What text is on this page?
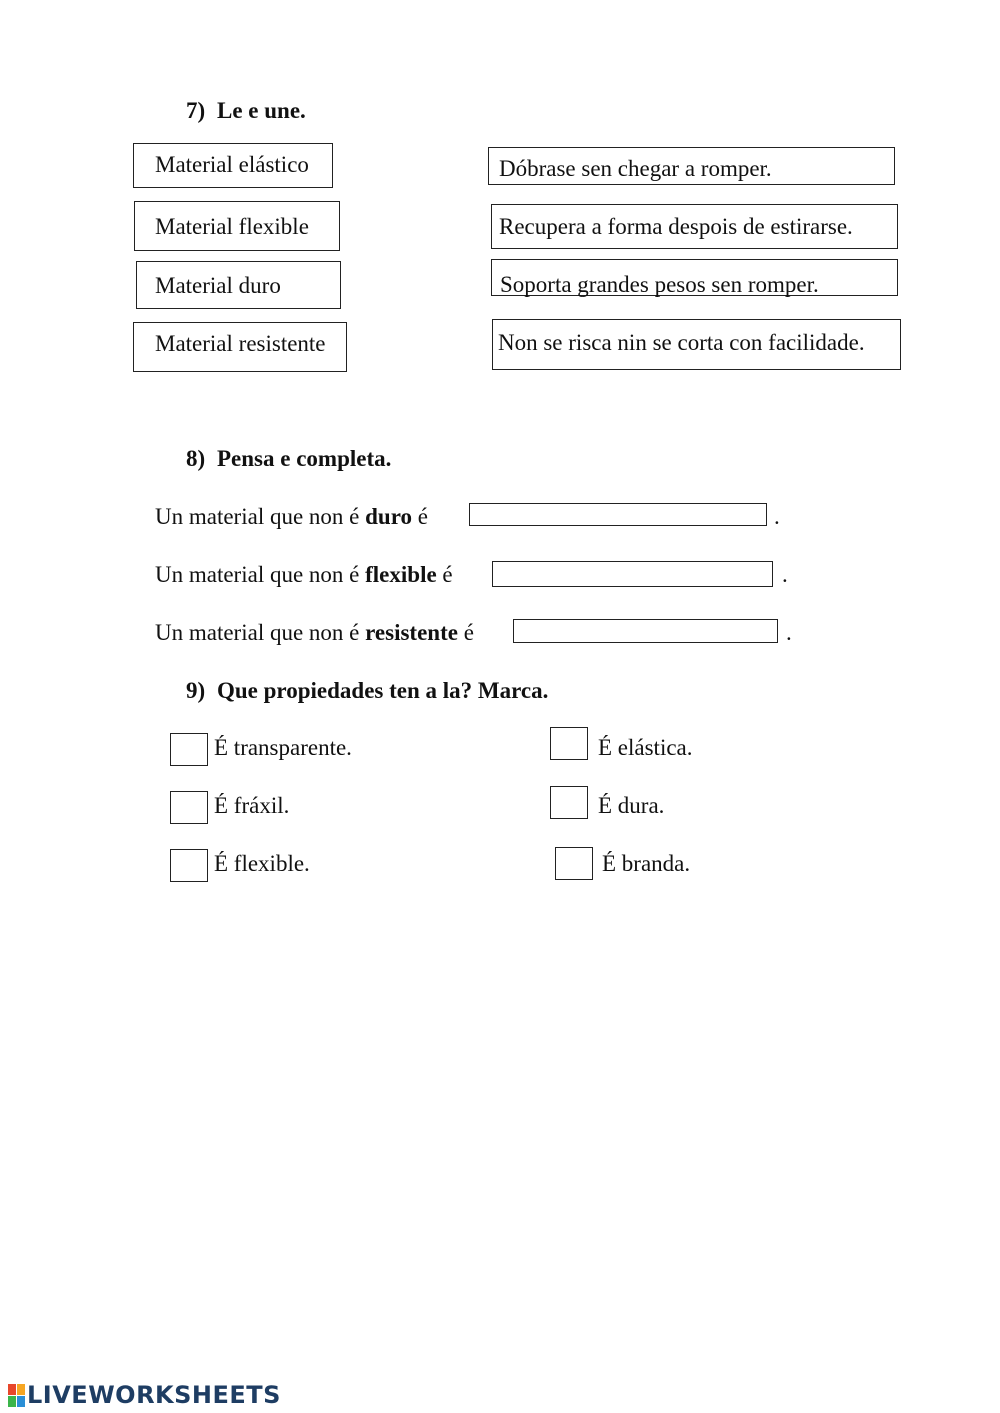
7) Le e une.
Material elástico
Material flexible
Material duro
Material resistente
Dóbrase sen chegar a romper.
Recupera a forma despois de estirarse.
Soporta grandes pesos sen romper.
Non se risca nin se corta con facilidade.
8) Pensa e completa.
Un material que non é duro é	.
Un material que non é flexible é	.
Un material que non é resistente é	.
9) Que propiedades ten a la? Marca.
É transparente.
É fráxil.
É flexible.
É elástica.
É dura.
É branda.
LIVEWORKSHEETS
